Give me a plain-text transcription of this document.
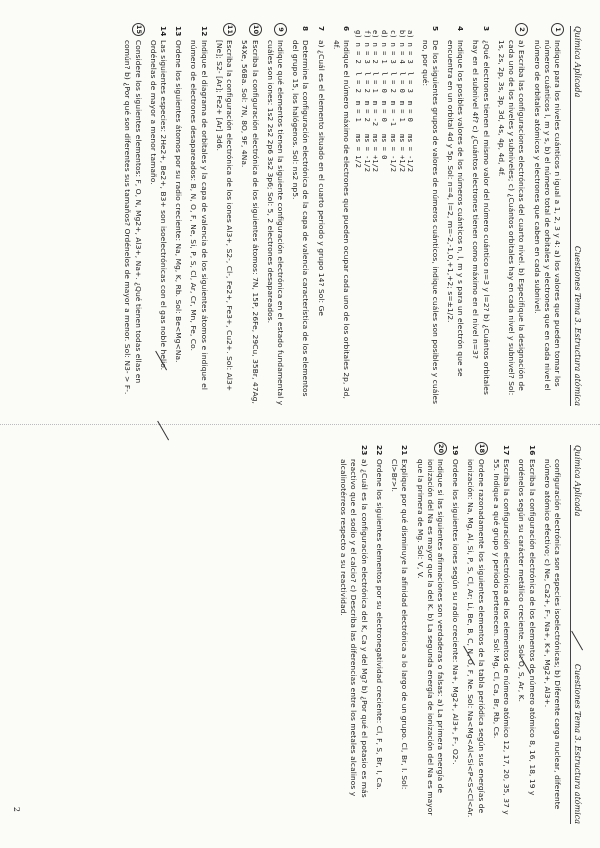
Química Aplicada
Cuestiones Tema 3. Estructura atómica
1
Indique para los niveles cuánticos n igual a 1, 2, 3 y 4: a) los valores que pueden tomar los números cuánticos l, m y s, b) el número total de orbitales y electrones que en cada nivel el número de orbitales atómicos y electrones que caben en cada subnivel.
2
a) Escriba las configuraciones electrónicas del cuarto nivel. b) Especifique la designación de cada uno de los niveles y subniveles; c) ¿Cuántos orbitales hay en cada nivel y subnivel? Sol: 1s, 2s, 2p, 3s, 3p, 3d, 4s, 4p, 4d, 4f.
3
¿Qué electrones tienen el mismo valor del número cuántico n=3 y l=2? b) ¿Cuántos orbitales hay en el subnivel 4f? c) ¿Cuántos electrones tienen como máximo en el nivel n=3?
4
Indique los posibles valores de los números cuánticos n, l, m y s para un electrón que se encuentra en un orbital 4d y 5p. Sol: n=4, l=2, m=-2,-1,0,+1,+2; s=±1/2.
5
De los siguientes grupos de valores de números cuánticos, indique cuáles son posibles y cuáles no, por qué:
a) n = 3	l = 3	m = 0	ms = -1/2
b) n = 4	l = 0	m = 1	ms = +1/2
c) n = 3	l = 2	m = -1	ms = -1/2
d) n = 1	l = 0	m = 0	ms = 0
e) n = 2	l = 1	m = -2	ms = +1/2
f) n = 3	l = 2	m = 2	ms = -1/2
g) n = 2	l = 2	m = 1	ms = 1/2
6
Indique el número máximo de electrones que pueden ocupar cada uno de los orbitales 2p, 3d, 4f.
7
a) ¿Cuál es el elemento situado en el cuarto periodo y grupo 14? Sol: Ge
8
Determine la configuración electrónica de la capa de valencia característica de los elementos del grupo 15, los halógenos. Sol: ns2 np5.
9
Indique qué elementos tienen la siguiente configuración electrónica en el estado fundamental y cuáles son iones: 1s2 2s2 2p6 3s2 3p6; Sol: 5, 2 electrones desapareados.
10
Escriba la configuración electrónica de los siguientes átomos: 7N, 15P, 26Fe, 29Cu, 35Br, 47Ag, 54Xe, 56Ba. Sol: 7N, 8O, 9F, 4Na.
11
Escriba la configuración electrónica de los iones Al3+, S2-, Cl-, Fe2+, Fe3+, Cu2+. Sol: Al3+ [Ne]; S2- [Ar]; Fe2+ [Ar] 3d6.
12
Indique el diagrama de orbitales y la capa de valencia de los siguientes átomos e indique el número de electrones desapareados: B, N, O, F, Ne, Si, P, S, Cl, Ar, Cr, Mn, Fe, Co.
13
Ordene los siguientes átomos por su radio creciente: Na, Mg, K, Rb. Sol: Be<Mg<Na.
14
Las siguientes especies: 2He2+, Be2+, B3+ son isoelectrónicas con el gas noble helio. Ordénelas de mayor a menor tamaño.
15
Considere los siguientes elementos: F, O, N, Mg2+, Al3+, Na+. ¿Qué tienen todas ellas en común? b) ¿Por qué son diferentes sus tamaños? Ordénelos de mayor a menor. Sol: N3- > F-.
Química Aplicada
Cuestiones Tema 3. Estructura atómica
configuración electrónica son especies isoelectrónicas; b) Diferente carga nuclear, diferente número atómico efectivo; c) Ne, Ca2+, F-, Na+, K+, Mg2+, Al3+.
16
Escriba la configuración electrónica de los elementos de número atómico 8, 16, 18, 19 y ordénelos según su carácter metálico creciente. Sol: O, S, Ar, K.
17
Escriba la configuración electrónica de los elementos de número atómico 12, 17, 20, 35, 37 y 55. Indique a qué grupo y periodo pertenecen. Sol: Mg, Cl, Ca, Br, Rb, Cs.
18
Ordene razonadamente los siguientes elementos de la tabla periódica según sus energías de ionización: Na, Mg, Al, Si, P, S, Cl, Ar; Li, Be, B, C, N, O, F, Ne. Sol: Na<Mg<Al<Si<P<S<Cl<Ar.
19
Ordene los siguientes iones según su radio creciente: Na+, Mg2+, Al3+, F-, O2-.
20
Indique si las siguientes afirmaciones son verdaderas o falsas: a) La primera energía de ionización del Na es mayor que la del K. b) La segunda energía de ionización del Na es mayor que la primera de Mg. Sol: V, V.
21
Explique por qué disminuye la afinidad electrónica a lo largo de un grupo. Cl, Br, I. Sol: Cl>Br>I.
22
Ordene los siguientes elementos por su electronegatividad creciente: Cl, F, S, Br, I, Ca.
23
a) ¿Cuál es la configuración electrónica del K, Ca y del Mg? b) ¿Por qué el potasio es más reactivo que el sodio y el calcio? c) Describa las diferencias entre los metales alcalinos y alcalinotérreos respecto a su reactividad.
2
